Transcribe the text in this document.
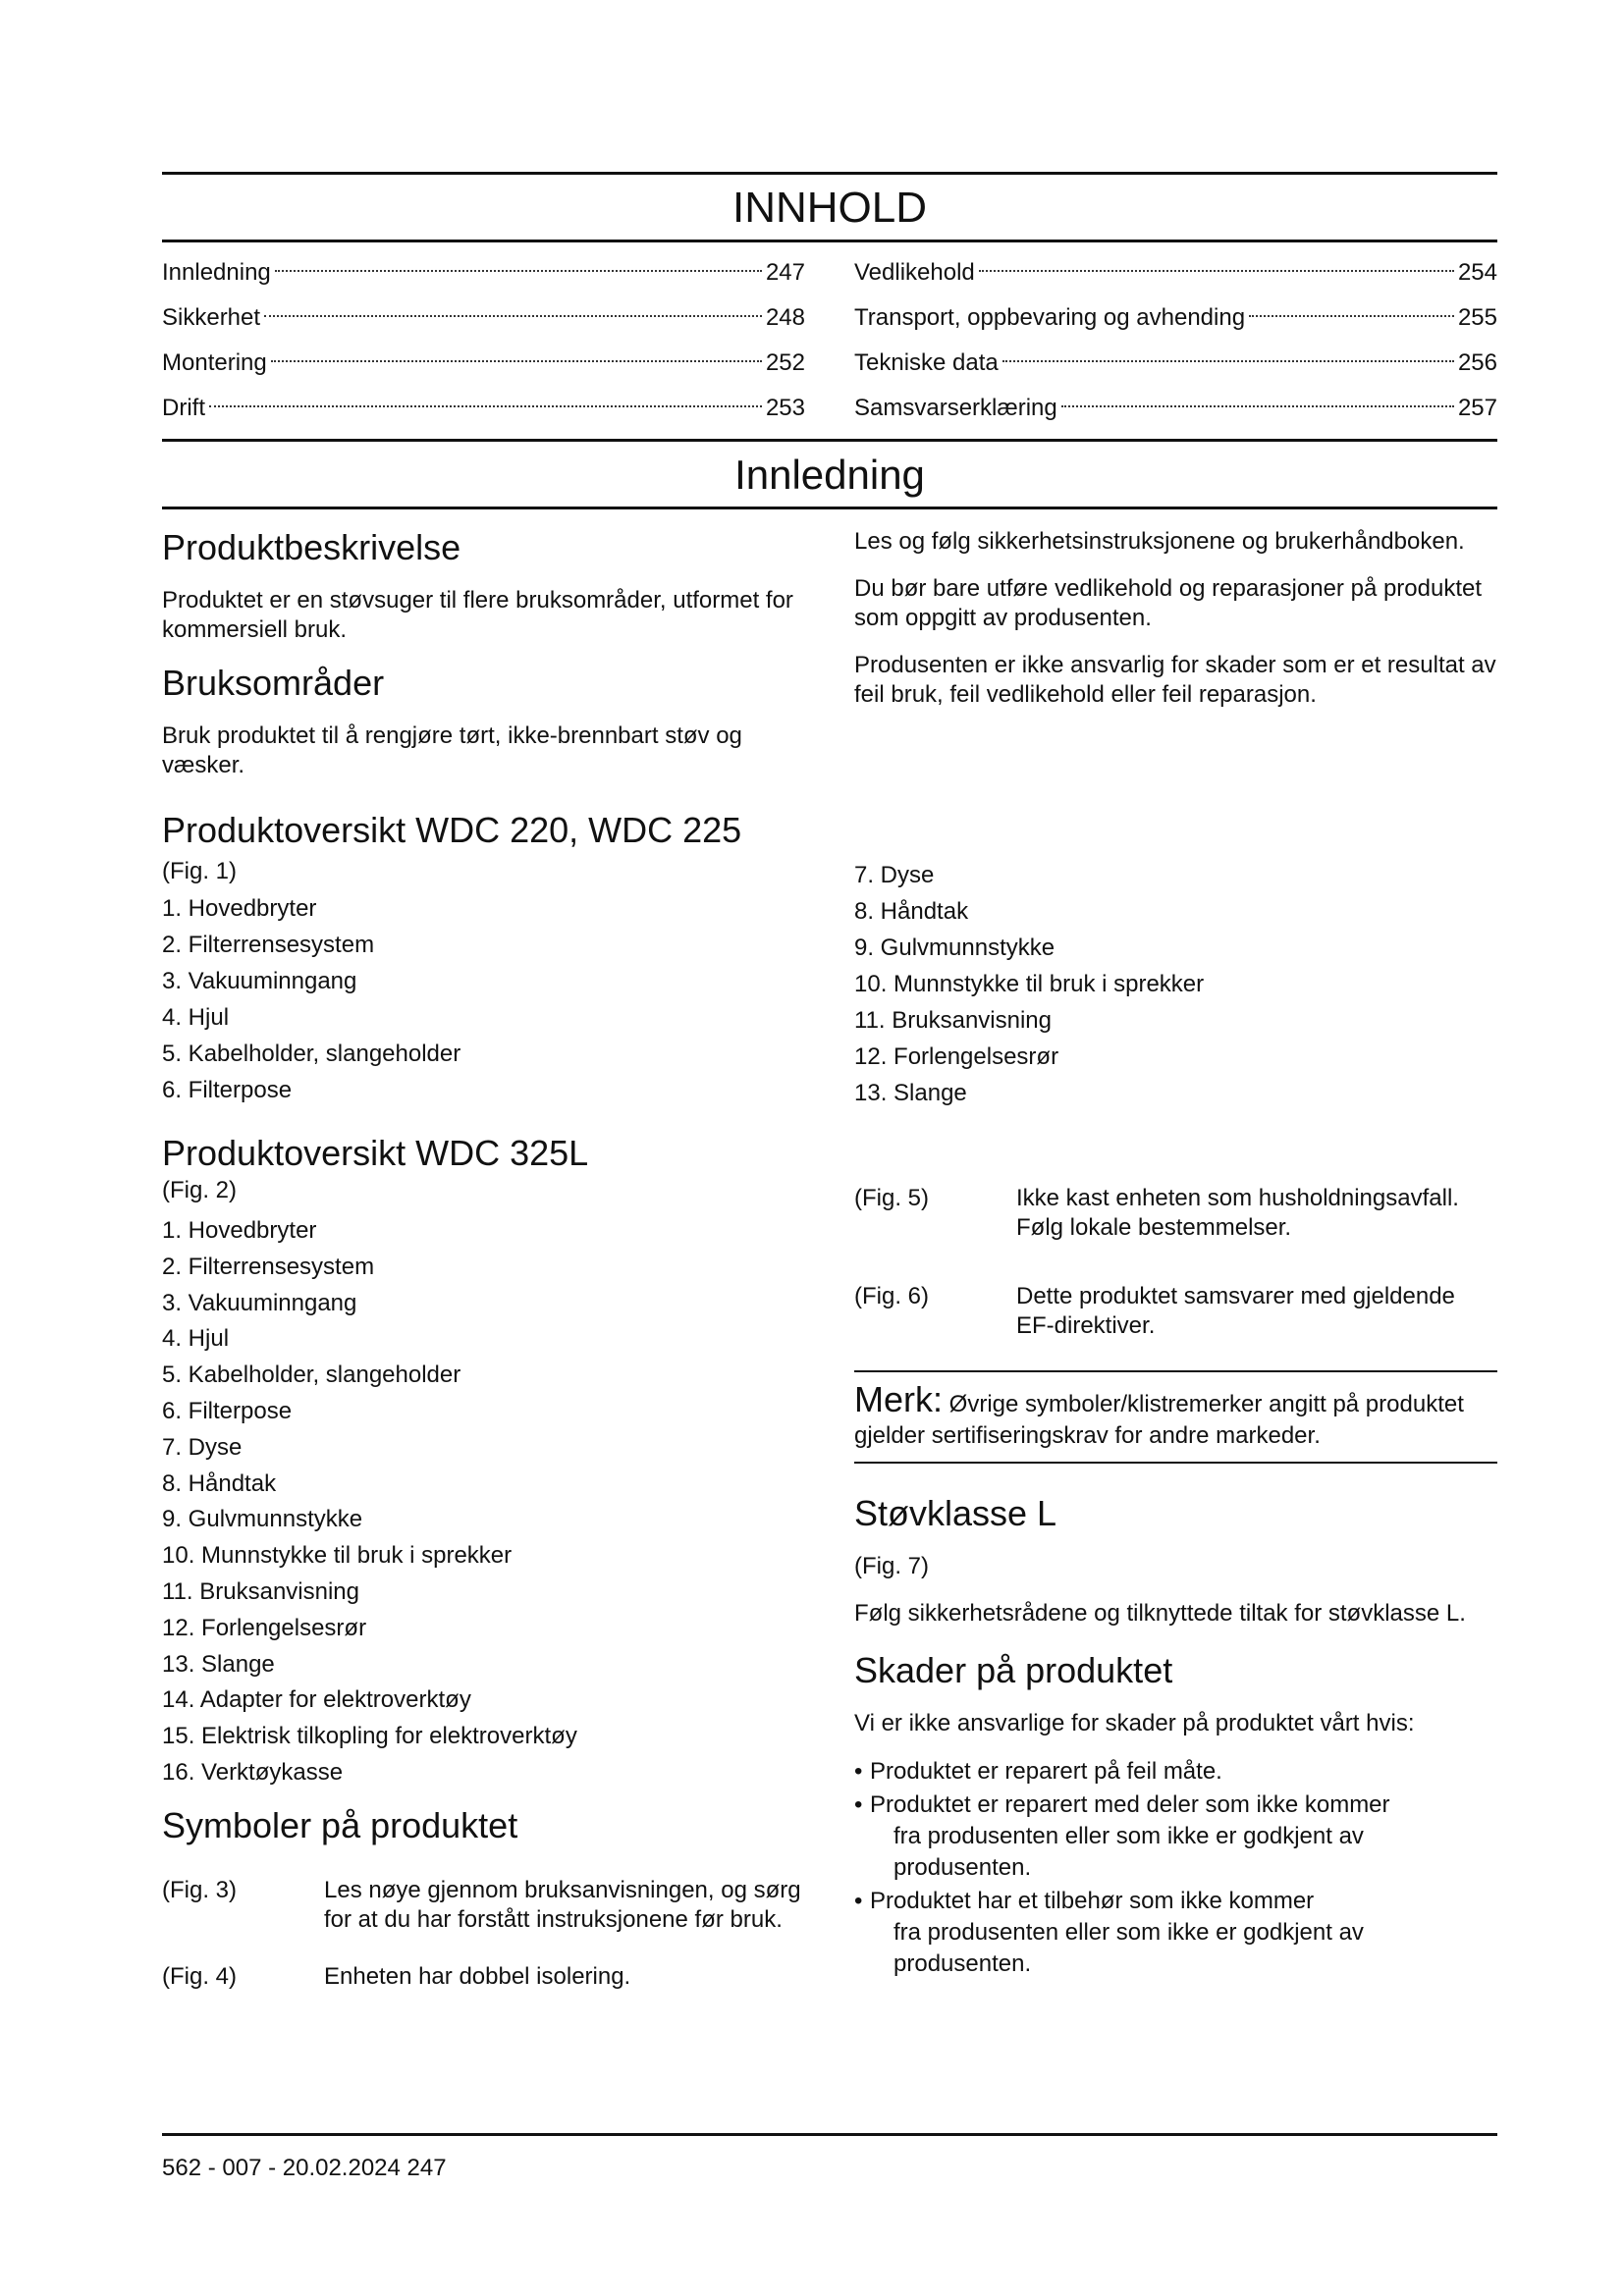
INNHOLD
Innledning	247
Sikkerhet	248
Montering	252
Drift	253
Vedlikehold	254
Transport, oppbevaring og avhending	255
Tekniske data	256
Samsvarserklæring	257
Innledning
Produktbeskrivelse

Produktet er en støvsuger til flere bruksområder, utformet for kommersiell bruk.

Bruksområder

Bruk produktet til å rengjøre tørt, ikke-brennbart støv og væsker.

Les og følg sikkerhetsinstruksjonene og brukerhåndboken.

Du bør bare utføre vedlikehold og reparasjoner på produktet som oppgitt av produsenten.

Produsenten er ikke ansvarlig for skader som er et resultat av feil bruk, feil vedlikehold eller feil reparasjon.

Produktoversikt WDC 220, WDC 225

(Fig. 1)

1. Hovedbryter
2. Filterrensesystem
3. Vakuuminngang
4. Hjul
5. Kabelholder, slangeholder
6. Filterpose
7. Dyse
8. Håndtak
9. Gulvmunnstykke
10. Munnstykke til bruk i sprekker
11. Bruksanvisning
12. Forlengelsesrør
13. Slange
Produktoversikt WDC 325L

(Fig. 2)

1. Hovedbryter
2. Filterrensesystem
3. Vakuuminngang
4. Hjul
5. Kabelholder, slangeholder
6. Filterpose
7. Dyse
8. Håndtak
9. Gulvmunnstykke
10. Munnstykke til bruk i sprekker
11. Bruksanvisning
12. Forlengelsesrør
13. Slange
14. Adapter for elektroverktøy
15. Elektrisk tilkopling for elektroverktøy
16. Verktøykasse
Symboler på produktet
(Fig. 3)	Les nøye gjennom bruksanvisningen, og sørg for at du har forstått instruksjonene før bruk.
(Fig. 4)	Enheten har dobbel isolering.
(Fig. 5)	Ikke kast enheten som husholdningsavfall. Følg lokale bestemmelser.
(Fig. 6)	Dette produktet samsvarer med gjeldende EF-direktiver.
Merk: Øvrige symboler/klistremerker angitt på produktet gjelder sertifiseringskrav for andre markeder.
Støvklasse L

(Fig. 7)

Følg sikkerhetsrådene og tilknyttede tiltak for støvklasse L.

Skader på produktet

Vi er ikke ansvarlige for skader på produktet vårt hvis:

• Produktet er reparert på feil måte.
• Produktet er reparert med deler som ikke kommer
fra produsenten eller som ikke er godkjent av produsenten.
• Produktet har et tilbehør som ikke kommer
fra produsenten eller som ikke er godkjent av produsenten.
562 - 007 - 20.02.2024 247
